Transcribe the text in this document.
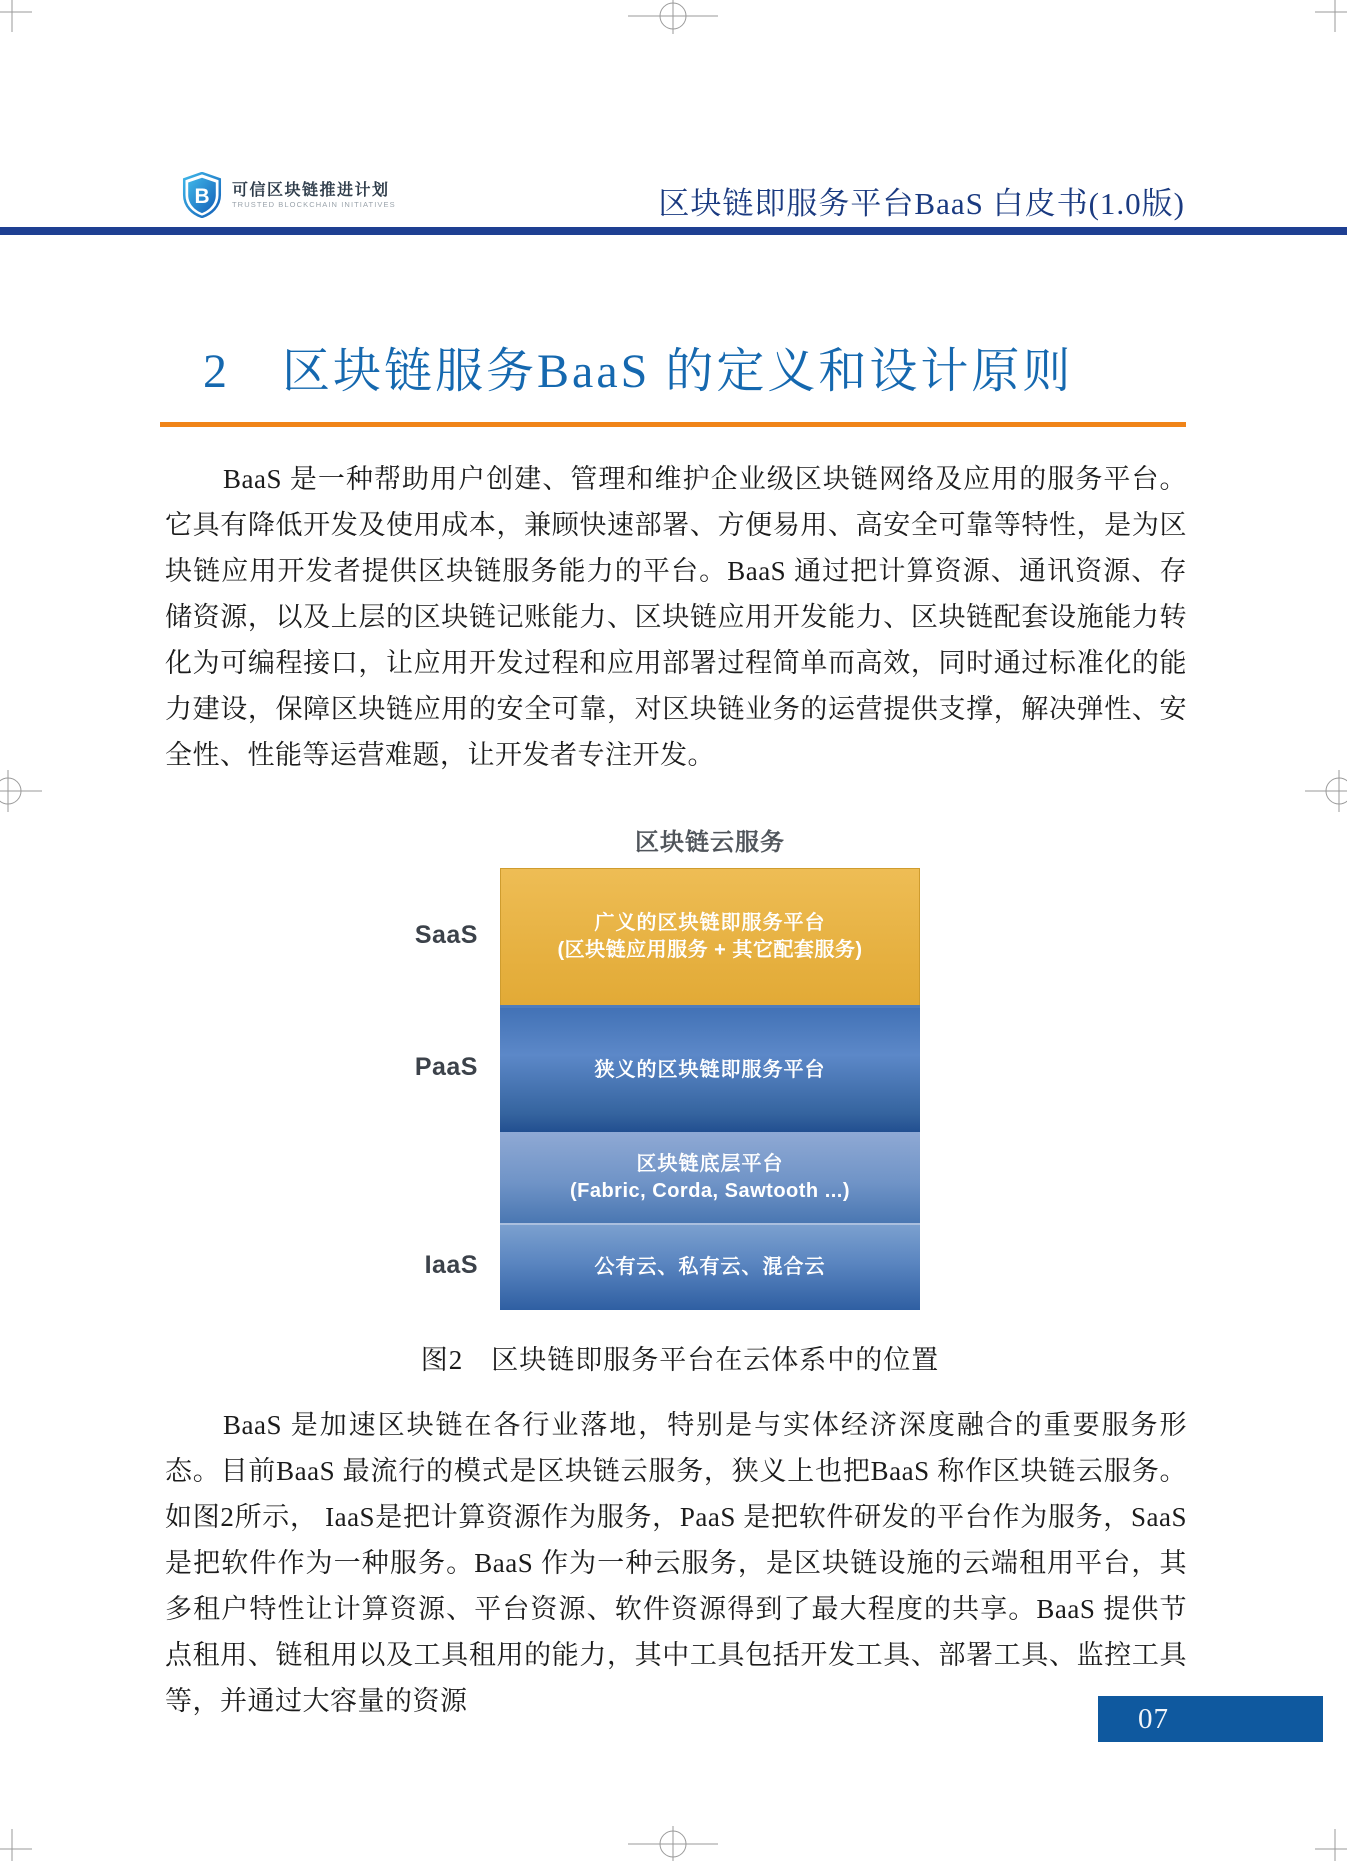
B 可信区块链推进计划
TRUSTED BLOCKCHAIN INITIATIVES	区块链即服务平台BaaS 白皮书(1.0版)
2 区块链服务BaaS 的定义和设计原则
BaaS 是一种帮助用户创建、管理和维护企业级区块链网络及应用的服务平台。它具有降低开发及使用成本，兼顾快速部署、方便易用、高安全可靠等特性，是为区块链应用开发者提供区块链服务能力的平台。BaaS 通过把计算资源、通讯资源、存储资源，以及上层的区块链记账能力、区块链应用开发能力、区块链配套设施能力转化为可编程接口，让应用开发过程和应用部署过程简单而高效，同时通过标准化的能力建设，保障区块链应用的安全可靠，对区块链业务的运营提供支撑，解决弹性、安全性、性能等运营难题，让开发者专注开发。
区块链云服务
SaaS
PaaS
IaaS
广义的区块链即服务平台
(区块链应用服务 + 其它配套服务)
狭义的区块链即服务平台
区块链底层平台
(Fabric, Corda, Sawtooth ...)
公有云、私有云、混合云
图2　区块链即服务平台在云体系中的位置
BaaS 是加速区块链在各行业落地，特别是与实体经济深度融合的重要服务形态。目前BaaS 最流行的模式是区块链云服务，狭义上也把BaaS 称作区块链云服务。如图2所示， IaaS是把计算资源作为服务，PaaS 是把软件研发的平台作为服务，SaaS 是把软件作为一种服务。BaaS 作为一种云服务，是区块链设施的云端租用平台，其多租户特性让计算资源、平台资源、软件资源得到了最大程度的共享。BaaS 提供节点租用、链租用以及工具租用的能力，其中工具包括开发工具、部署工具、监控工具等，并通过大容量的资源
07
